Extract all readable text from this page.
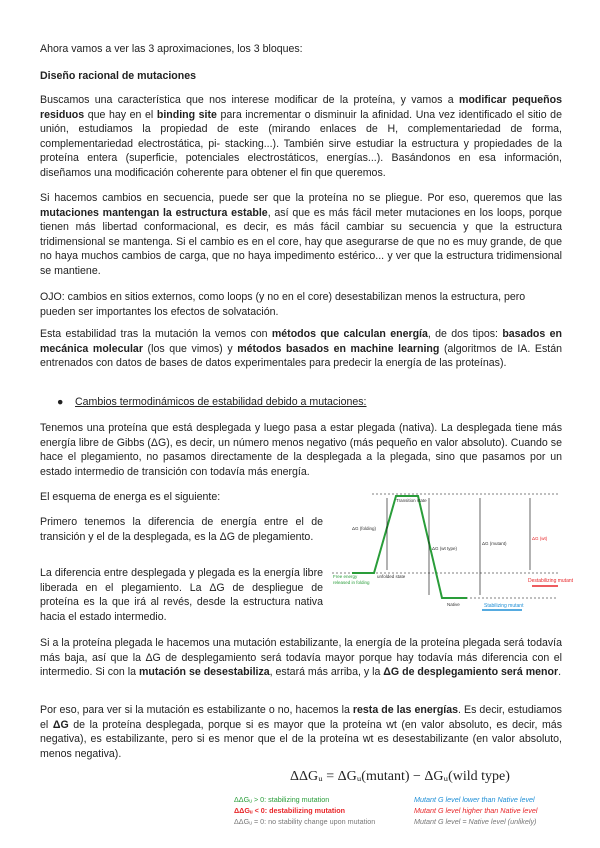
Ahora vamos a ver las 3 aproximaciones, los 3 bloques:

Diseño racional de mutaciones

Buscamos una característica que nos interese modificar de la proteína, y vamos a modificar pequeños residuos que hay en el binding site para incrementar o disminuir la afinidad. Una vez identificado el sitio de unión, estudiamos la propiedad de este (mirando enlaces de H, complementariedad de forma, complementariedad electrostática, pi- stacking...). También sirve estudiar la estructura y propiedades de la proteína entera (superficie, potenciales electrostáticos, energías...). Basándonos en esa información, diseñamos una modificación coherente para obtener el fin que queremos.

Si hacemos cambios en secuencia, puede ser que la proteína no se pliegue. Por eso, queremos que las mutaciones mantengan la estructura estable, así que es más fácil meter mutaciones en los loops, porque tienen más libertad conformacional, es decir, es más fácil cambiar su secuencia y que la estructura tridimensional se mantenga. Si el cambio es en el core, hay que asegurarse de que no es muy grande, de que no haya muchos cambios de carga, que no haya impedimento estérico... y ver que la estructura tridimensional se mantiene.

OJO: cambios en sitios externos, como loops (y no en el core) desestabilizan menos la estructura, pero pueden ser importantes los efectos de solvatación.

Esta estabilidad tras la mutación la vemos con métodos que calculan energía, de dos tipos: basados en mecánica molecular (los que vimos) y métodos basados en machine learning (algoritmos de IA. Están entrenados con datos de bases de datos experimentales para predecir la energía de las proteínas).

● Cambios termodinámicos de estabilidad debido a mutaciones:

Tenemos una proteína que está desplegada y luego pasa a estar plegada (nativa). La desplegada tiene más energía libre de Gibbs (ΔG), es decir, un número menos negativo (más pequeño en valor absoluto). Cuando se hace el plegamiento, no pasamos directamente de la desplegada a la plegada, sino que pasamos por un estado intermedio de transición con todavía más energía.

El esquema de energa es el siguiente:

Primero tenemos la diferencia de energía entre el de transición y el de la desplegada, es la ΔG de plegamiento.

La diferencia entre desplegada y plegada es la energía libre liberada en el plegamiento. La ΔG de despliegue de proteína es la que irá al revés, desde la estructura nativa hacia el estado intermedio.

Transition state
ΔG (folding)
ΔG (wt type)
ΔG (mutant)
ΔG (wt)
Free energy
released in folding
unfolded state
Native
Destabilizing mutant
Stabilizing mutant

Si a la proteína plegada le hacemos una mutación estabilizante, la energía de la proteína plegada será todavía más baja, así que la ΔG de desplegamiento será todavía mayor porque hay todavía más diferencia con el intermedio. Si con la mutación se desestabiliza, estará más arriba, y la ΔG de desplegamiento será menor.

Por eso, para ver si la mutación es estabilizante o no, hacemos la resta de las energías. Es decir, estudiamos el ΔG de la proteína desplegada, porque si es mayor que la proteína wt (en valor absoluto, es decir, más negativa), es estabilizante, pero si es menor que el de la proteína wt es desestabilizante (en valor absoluto, menos negativa).

ΔΔGᵤ = ΔGᵤ(mutant) − ΔGᵤ(wild type)

ΔΔGᵤ > 0: stabilizing mutation

ΔΔGᵤ < 0: destabilizing mutation

ΔΔGᵤ = 0: no stability change upon mutation

Mutant G level lower than Native level

Mutant G level higher than Native level

Mutant G level = Native level (unlikely)
